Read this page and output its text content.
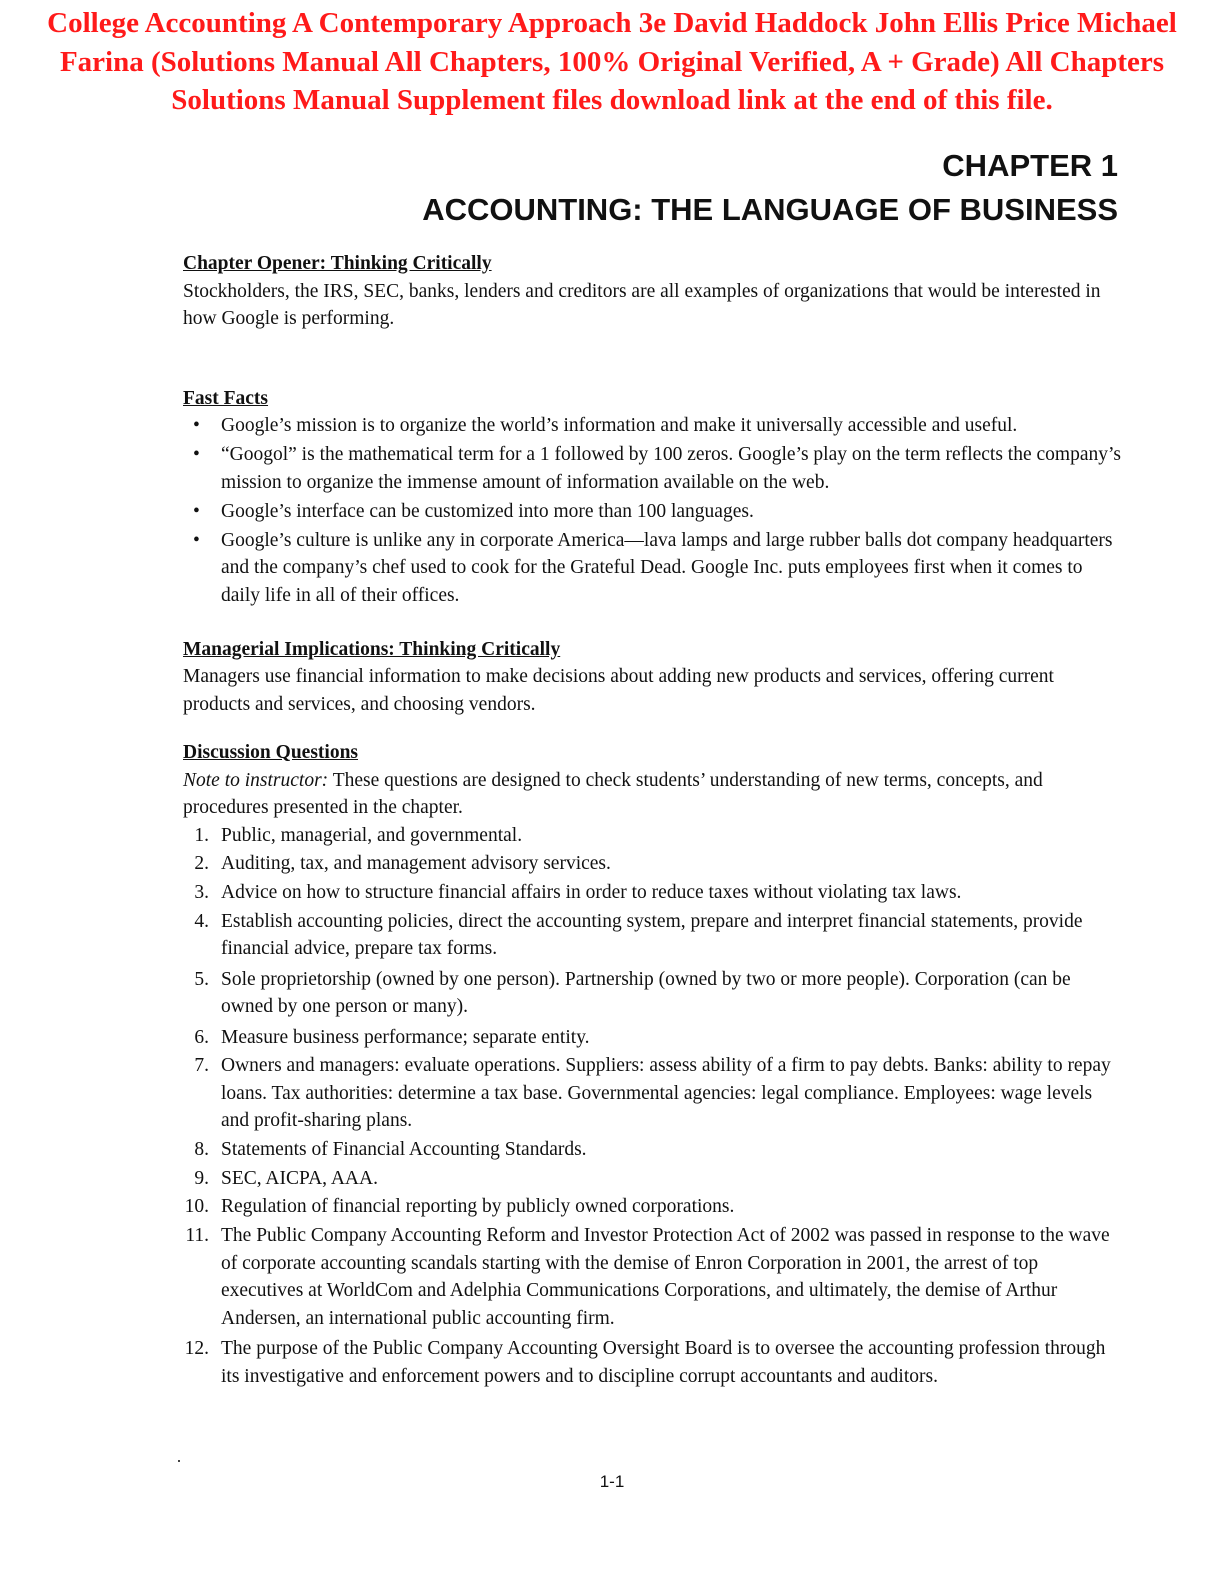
College Accounting A Contemporary Approach 3e David Haddock John Ellis Price Michael Farina (Solutions Manual All Chapters, 100% Original Verified, A + Grade) All Chapters Solutions Manual Supplement files download link at the end of this file.
CHAPTER 1
ACCOUNTING: THE LANGUAGE OF BUSINESS

Chapter Opener: Thinking Critically

Stockholders, the IRS, SEC, banks, lenders and creditors are all examples of organizations that would be interested in how Google is performing.

Fast Facts

• Google’s mission is to organize the world’s information and make it universally accessible and useful.
• “Googol” is the mathematical term for a 1 followed by 100 zeros. Google’s play on the term reflects the company’s mission to organize the immense amount of information available on the web.
• Google’s interface can be customized into more than 100 languages.
• Google’s culture is unlike any in corporate America—lava lamps and large rubber balls dot company headquarters and the company’s chef used to cook for the Grateful Dead. Google Inc. puts employees first when it comes to daily life in all of their offices.

Managerial Implications: Thinking Critically

Managers use financial information to make decisions about adding new products and services, offering current products and services, and choosing vendors.

Discussion Questions

Note to instructor: These questions are designed to check students’ understanding of new terms, concepts, and procedures presented in the chapter.

1. Public, managerial, and governmental.
2. Auditing, tax, and management advisory services.
3. Advice on how to structure financial affairs in order to reduce taxes without violating tax laws.
4. Establish accounting policies, direct the accounting system, prepare and interpret financial statements, provide financial advice, prepare tax forms.
5. Sole proprietorship (owned by one person). Partnership (owned by two or more people). Corporation (can be owned by one person or many).
6. Measure business performance; separate entity.
7. Owners and managers: evaluate operations. Suppliers: assess ability of a firm to pay debts. Banks: ability to repay loans. Tax authorities: determine a tax base. Governmental agencies: legal compliance. Employees: wage levels and profit-sharing plans.
8. Statements of Financial Accounting Standards.
9. SEC, AICPA, AAA.
10. Regulation of financial reporting by publicly owned corporations.
11. The Public Company Accounting Reform and Investor Protection Act of 2002 was passed in response to the wave of corporate accounting scandals starting with the demise of Enron Corporation in 2001, the arrest of top executives at WorldCom and Adelphia Communications Corporations, and ultimately, the demise of Arthur Andersen, an international public accounting firm.
12. The purpose of the Public Company Accounting Oversight Board is to oversee the accounting profession through its investigative and enforcement powers and to discipline corrupt accountants and auditors.
1-1
